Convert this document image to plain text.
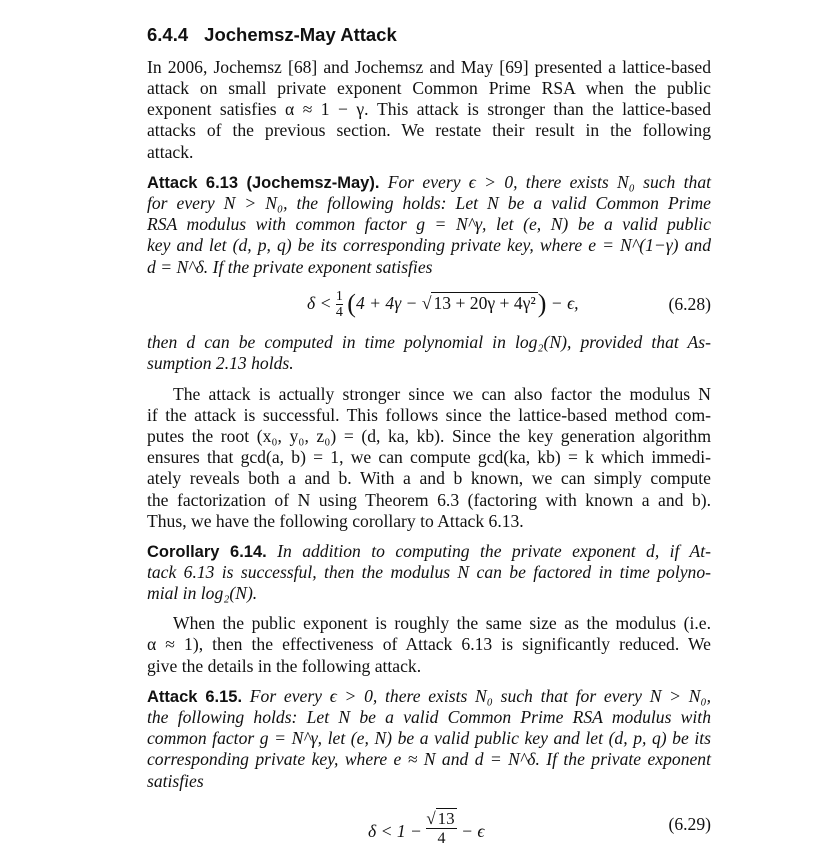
6.4.4 Jochemsz-May Attack
In 2006, Jochemsz [68] and Jochemsz and May [69] presented a lattice-based
attack on small private exponent Common Prime RSA when the public
exponent satisfies α ≈ 1 − γ. This attack is stronger than the lattice-based
attacks of the previous section. We restate their result in the following
attack.
Attack 6.13 (Jochemsz-May). For every ϵ > 0, there exists N₀ such that
for every N > N₀, the following holds: Let N be a valid Common Prime
RSA modulus with common factor g = N^γ, let (e, N) be a valid public
key and let (d, p, q) be its corresponding private key, where e = N^(1−γ) and
d = N^δ. If the private exponent satisfies
$\delta < \frac{1}{4} (4 + 4\gamma$ − √ 13 + 20γ + 4γ²) − ϵ,	(6.28)
then d can be computed in time polynomial in log₂(N), provided that As-
sumption 2.13 holds.
The attack is actually stronger since we can also factor the modulus N
if the attack is successful. This follows since the lattice-based method com-
putes the root (x₀, y₀, z₀) = (d, ka, kb). Since the key generation algorithm
ensures that gcd(a, b) = 1, we can compute gcd(ka, kb) = k which immedi-
ately reveals both a and b. With a and b known, we can simply compute
the factorization of N using Theorem 6.3 (factoring with known a and b).
Thus, we have the following corollary to Attack 6.13.
Corollary 6.14. In addition to computing the private exponent d, if At-
tack 6.13 is successful, then the modulus N can be factored in time polyno-
mial in log₂(N).
When the public exponent is roughly the same size as the modulus (i.e.
α ≈ 1), then the effectiveness of Attack 6.13 is significantly reduced. We
give the details in the following attack.
Attack 6.15. For every ϵ > 0, there exists N₀ such that for every N > N₀,
the following holds: Let N be a valid Common Prime RSA modulus with
common factor g = N^γ, let (e, N) be a valid public key and let (d, p, q) be its
corresponding private key, where e ≈ N and d = N^δ. If the private exponent
satisfies
$\delta < 1 - \frac{√ 13}{4} - \epsilon$	(6.29)
